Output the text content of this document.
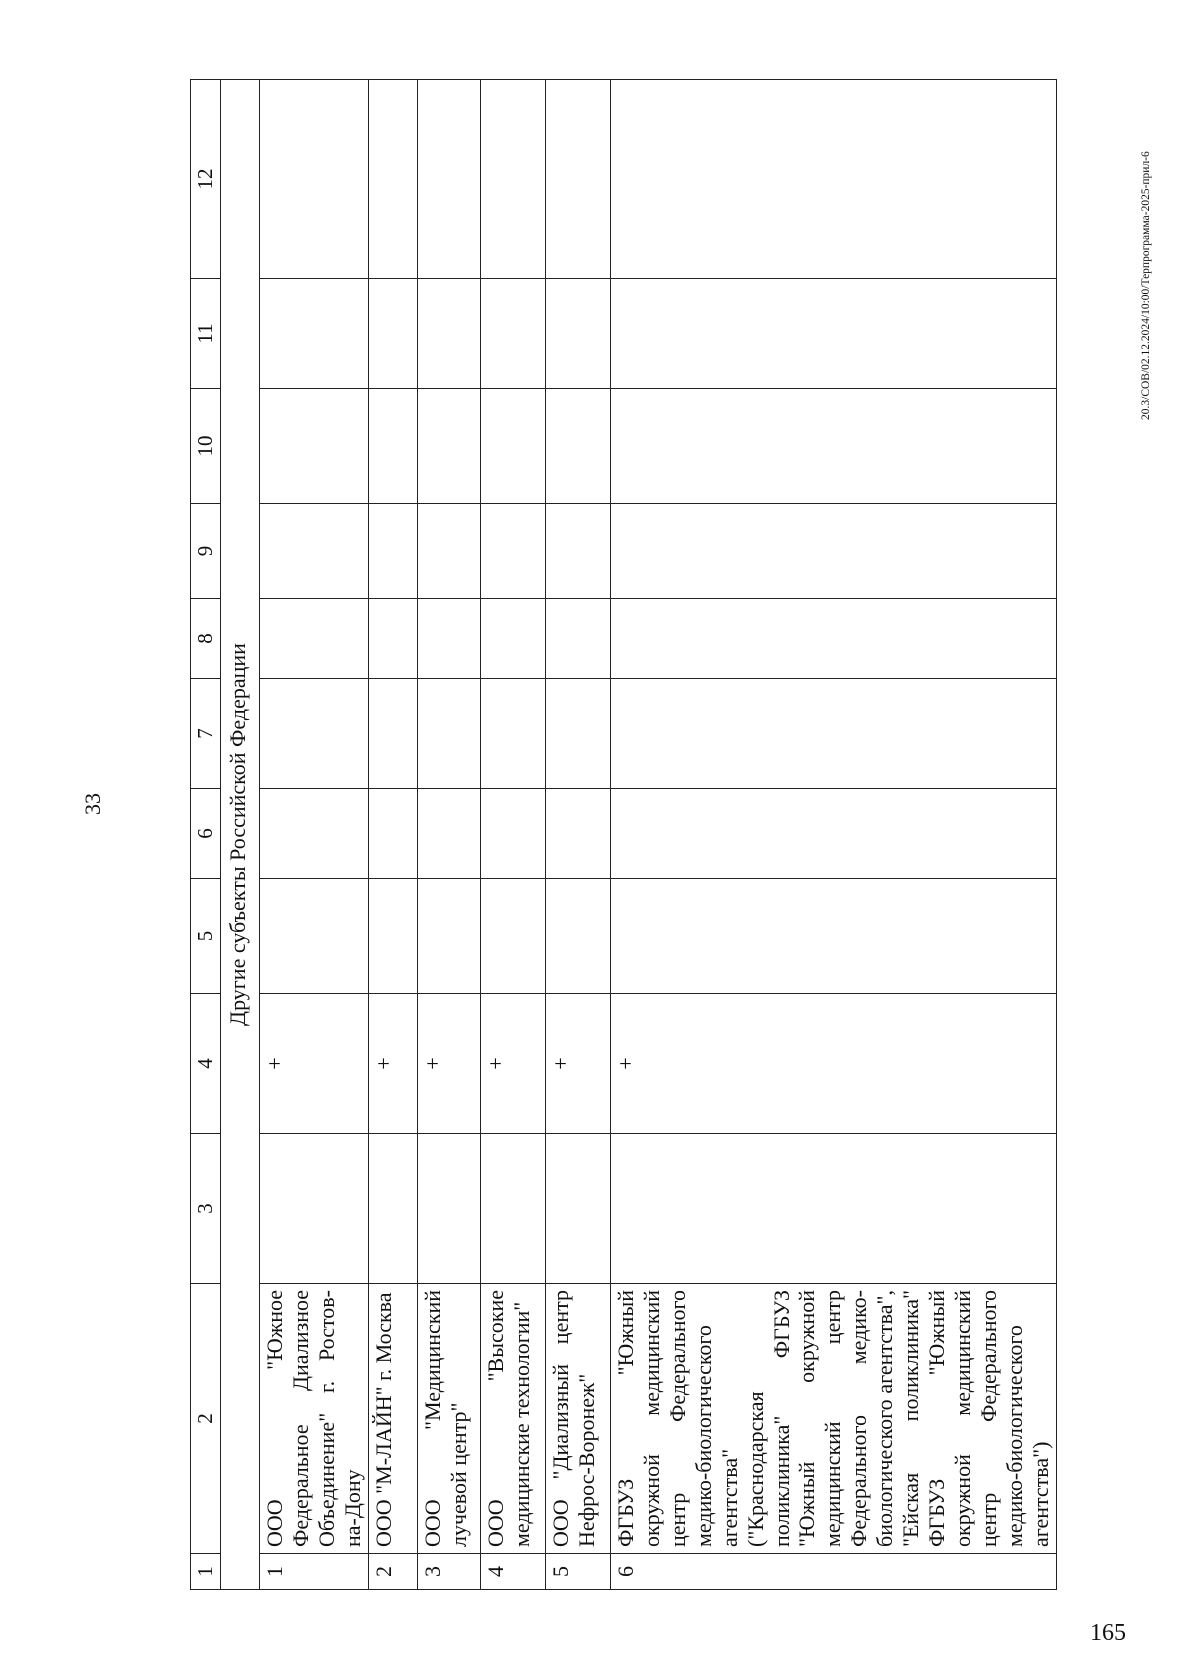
33
20.3/СОВ/02.12.2024/10:00/Терпрограмма-2025-прил-6
1	2	3	4	5	6	7	8	9	10	11	12
Другие субъекты Российской Федерации											
1	ООО "Южное Федеральное Диализное Объединение" г. Ростов-на-Дону		+								
2	ООО "М-ЛАЙН" г. Москва		+								
3	ООО "Медицинский лучевой центр"		+								
4	ООО "Высокие медицинские технологии"		+								
5	ООО "Диализный центр Нефрос-Воронеж"		+								
6	ФГБУЗ "Южный окружной медицинский центр Федерального медико-биологического агентства" ("Краснодарская поликлиника" ФГБУЗ "Южный окружной медицинский центр Федерального медико-биологического агентства", "Ейская поликлиника" ФГБУЗ "Южный окружной медицинский центр Федерального медико-биологического агентства")		+								
165
